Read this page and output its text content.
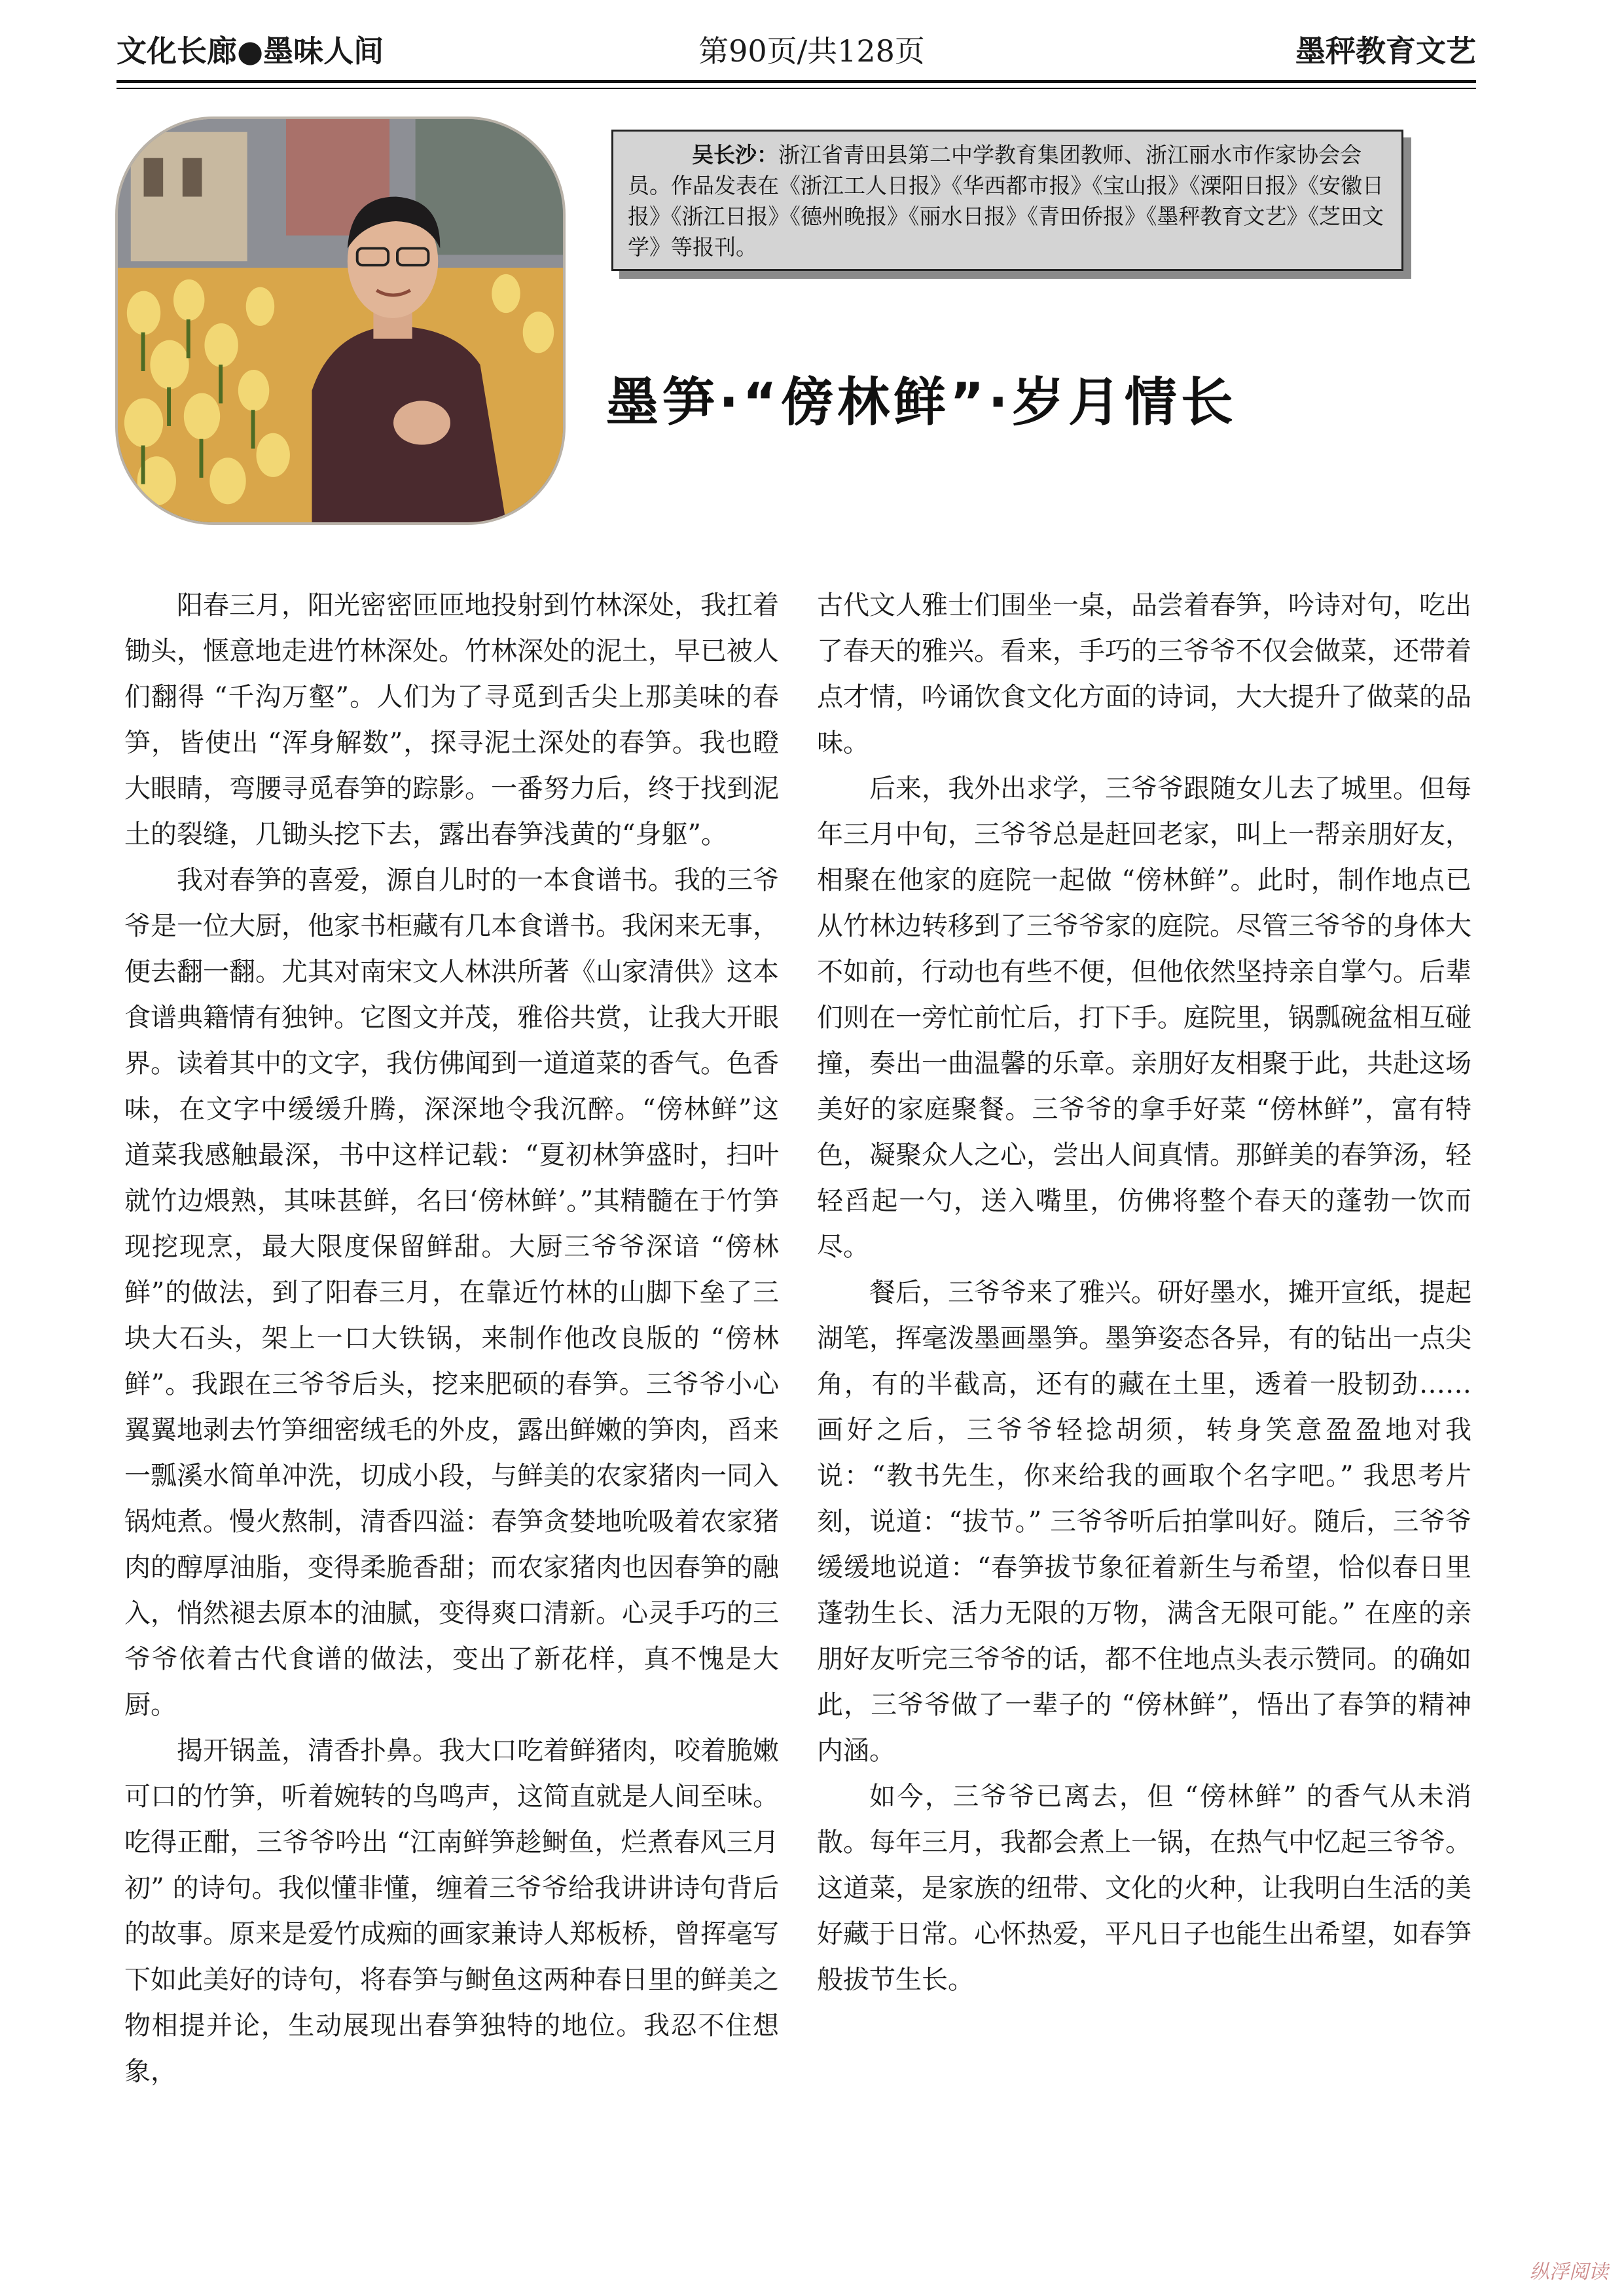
文化长廊●墨味人间	第90页/共128页	墨秤教育文艺
吴长沙：浙江省青田县第二中学教育集团教师、浙江丽水市作家协会会员。作品发表在《浙江工人日报》《华西都市报》《宝山报》《溧阳日报》《安徽日报》《浙江日报》《德州晚报》《丽水日报》《青田侨报》《墨秤教育文艺》《芝田文学》等报刊。
墨笋·“傍林鲜”·岁月情长

阳春三月，阳光密密匝匝地投射到竹林深处，我扛着锄头，惬意地走进竹林深处。竹林深处的泥土，早已被人们翻得 “千沟万壑”。人们为了寻觅到舌尖上那美味的春笋，皆使出 “浑身解数”，探寻泥土深处的春笋。我也瞪大眼睛，弯腰寻觅春笋的踪影。一番努力后，终于找到泥土的裂缝，几锄头挖下去，露出春笋浅黄的“身躯”。

我对春笋的喜爱，源自儿时的一本食谱书。我的三爷爷是一位大厨，他家书柜藏有几本食谱书。我闲来无事，便去翻一翻。尤其对南宋文人林洪所著《山家清供》这本食谱典籍情有独钟。它图文并茂，雅俗共赏，让我大开眼界。读着其中的文字，我仿佛闻到一道道菜的香气。色香味，在文字中缓缓升腾，深深地令我沉醉。“傍林鲜”这道菜我感触最深，书中这样记载：“夏初林笋盛时，扫叶就竹边煨熟，其味甚鲜，名曰‘傍林鲜’。”其精髓在于竹笋现挖现烹，最大限度保留鲜甜。大厨三爷爷深谙 “傍林鲜”的做法，到了阳春三月，在靠近竹林的山脚下垒了三块大石头，架上一口大铁锅，来制作他改良版的 “傍林鲜”。我跟在三爷爷后头，挖来肥硕的春笋。三爷爷小心翼翼地剥去竹笋细密绒毛的外皮，露出鲜嫩的笋肉，舀来一瓢溪水简单冲洗，切成小段，与鲜美的农家猪肉一同入锅炖煮。慢火熬制，清香四溢：春笋贪婪地吮吸着农家猪肉的醇厚油脂，变得柔脆香甜；而农家猪肉也因春笋的融入，悄然褪去原本的油腻，变得爽口清新。心灵手巧的三爷爷依着古代食谱的做法，变出了新花样，真不愧是大厨。

揭开锅盖，清香扑鼻。我大口吃着鲜猪肉，咬着脆嫩可口的竹笋，听着婉转的鸟鸣声，这简直就是人间至味。吃得正酣，三爷爷吟出 “江南鲜笋趁鲥鱼，烂煮春风三月初” 的诗句。我似懂非懂，缠着三爷爷给我讲讲诗句背后的故事。原来是爱竹成痴的画家兼诗人郑板桥，曾挥毫写下如此美好的诗句，将春笋与鲥鱼这两种春日里的鲜美之物相提并论，生动展现出春笋独特的地位。我忍不住想象，

古代文人雅士们围坐一桌，品尝着春笋，吟诗对句，吃出了春天的雅兴。看来，手巧的三爷爷不仅会做菜，还带着点才情，吟诵饮食文化方面的诗词，大大提升了做菜的品味。

后来，我外出求学，三爷爷跟随女儿去了城里。但每年三月中旬，三爷爷总是赶回老家，叫上一帮亲朋好友，相聚在他家的庭院一起做 “傍林鲜”。此时，制作地点已从竹林边转移到了三爷爷家的庭院。尽管三爷爷的身体大不如前，行动也有些不便，但他依然坚持亲自掌勺。后辈们则在一旁忙前忙后，打下手。庭院里，锅瓢碗盆相互碰撞，奏出一曲温馨的乐章。亲朋好友相聚于此，共赴这场美好的家庭聚餐。三爷爷的拿手好菜 “傍林鲜”，富有特色，凝聚众人之心，尝出人间真情。那鲜美的春笋汤，轻轻舀起一勺，送入嘴里，仿佛将整个春天的蓬勃一饮而尽。

餐后，三爷爷来了雅兴。研好墨水，摊开宣纸，提起湖笔，挥毫泼墨画墨笋。墨笋姿态各异，有的钻出一点尖角，有的半截高，还有的藏在土里，透着一股韧劲…… 画好之后，三爷爷轻捻胡须，转身笑意盈盈地对我说：“教书先生，你来给我的画取个名字吧。” 我思考片刻，说道：“拔节。” 三爷爷听后拍掌叫好。随后，三爷爷缓缓地说道：“春笋拔节象征着新生与希望，恰似春日里蓬勃生长、活力无限的万物，满含无限可能。” 在座的亲朋好友听完三爷爷的话，都不住地点头表示赞同。的确如此，三爷爷做了一辈子的 “傍林鲜”，悟出了春笋的精神内涵。

如今，三爷爷已离去，但 “傍林鲜” 的香气从未消散。每年三月，我都会煮上一锅，在热气中忆起三爷爷。这道菜，是家族的纽带、文化的火种，让我明白生活的美好藏于日常。心怀热爱，平凡日子也能生出希望，如春笋般拔节生长。

纵浮阅读
